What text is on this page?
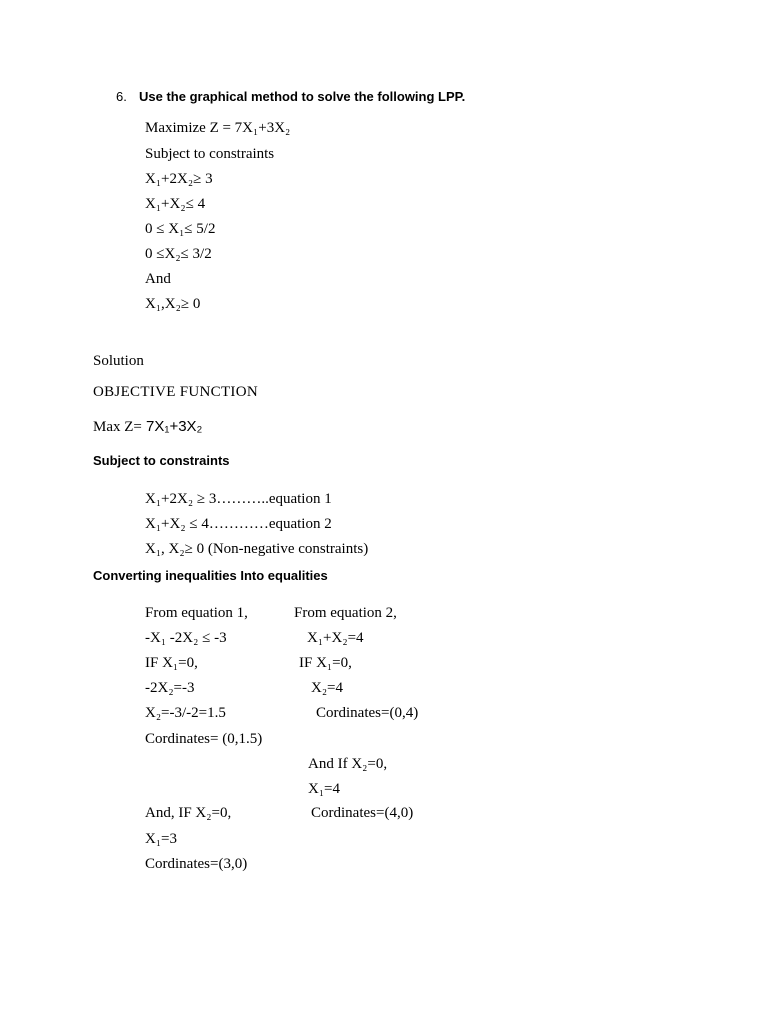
6. Use the graphical method to solve the following LPP.
Maximize Z = 7X₁+3X₂
Subject to constraints
X₁+2X₂≥ 3
X₁+X₂≤ 4
0 ≤ X₁≤ 5/2
0 ≤X₂≤ 3/2
And
X₁,X₂≥ 0
Solution
OBJECTIVE FUNCTION
Max Z= 7X₁+3X₂
Subject to constraints
X₁+2X₂ ≥ 3………..equation 1
X₁+X₂ ≤ 4…………equation 2
X₁, X₂≥ 0 (Non-negative constraints)
Converting inequalities Into equalities
From equation 1,
-X₁ -2X₂ ≤ -3
IF X₁=0,
-2X₂=-3
X₂=-3/-2=1.5
Cordinates= (0,1.5)
And, IF X₂=0,
X₁=3
Cordinates=(3,0)
From equation 2,
X₁+X₂=4
IF X₁=0,
X₂=4
Cordinates=(0,4)
And If X₂=0,
X₁=4
Cordinates=(4,0)
